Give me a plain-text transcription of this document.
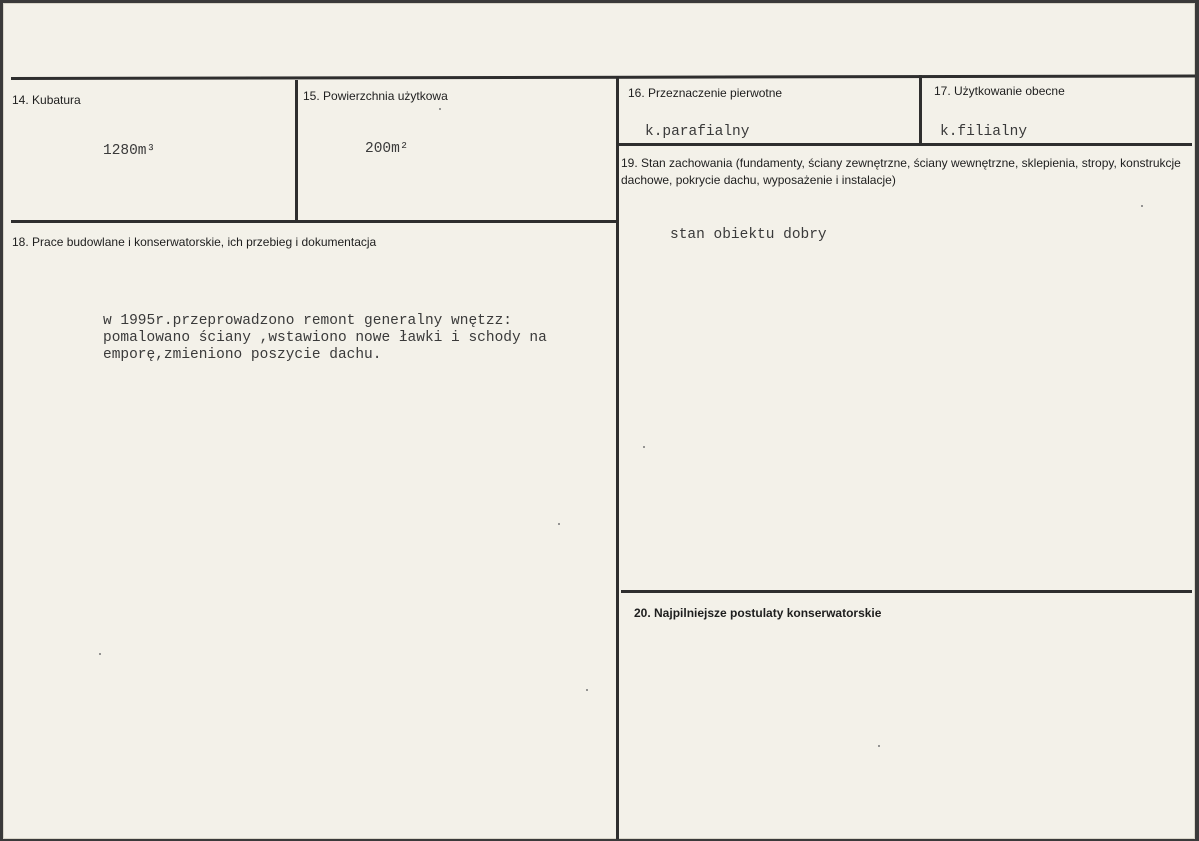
14. Kubatura
1280m³
15. Powierzchnia użytkowa
200m²
16. Przeznaczenie pierwotne
k.parafialny
17. Użytkowanie obecne
k.filialny
18. Prace budowlane i konserwatorskie, ich przebieg i dokumentacja
w 1995r.przeprowadzono remont generalny wnętzz:
pomalowano ściany ,wstawiono nowe ławki i schody na
emporę,zmieniono poszycie dachu.
19. Stan zachowania (fundamenty, ściany zewnętrzne, ściany wewnętrzne, sklepienia, stropy, konstrukcje dachowe, pokrycie dachu, wyposażenie i instalacje)
stan obiektu dobry
20. Najpilniejsze postulaty konserwatorskie
